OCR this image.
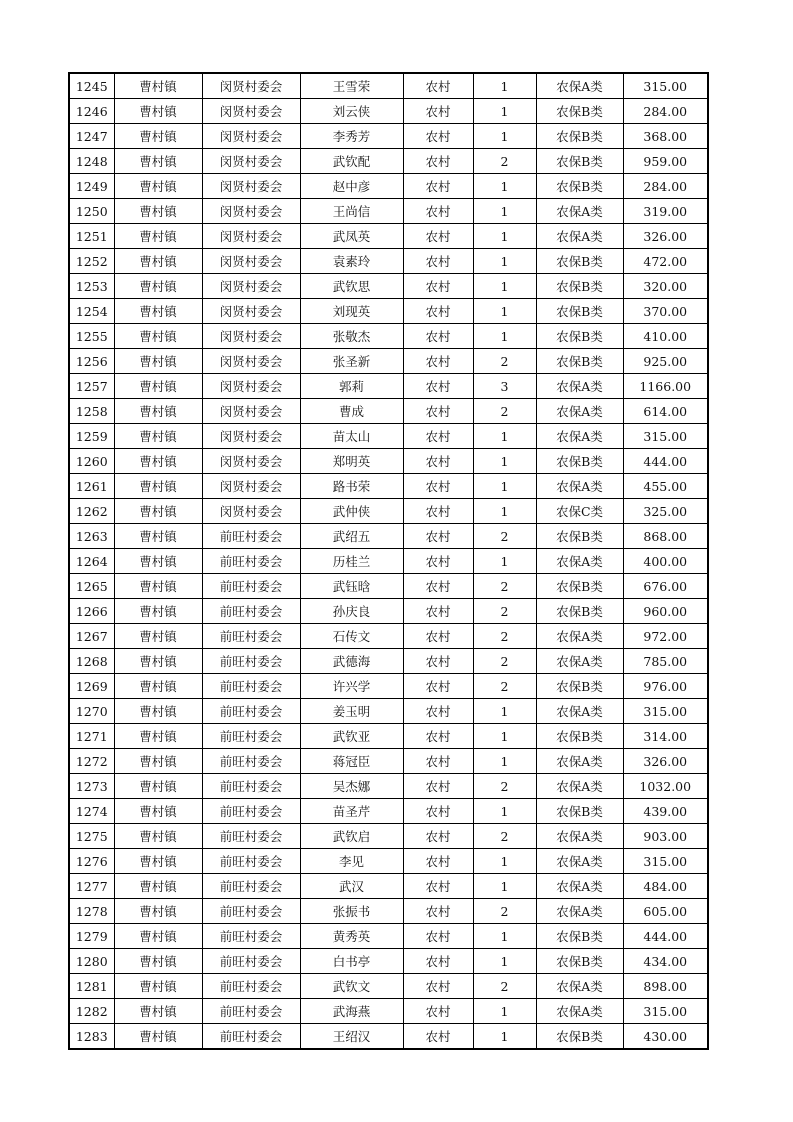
1245	曹村镇	闵贤村委会	王雪荣	农村	1	农保A类	315.00
1246	曹村镇	闵贤村委会	刘云侠	农村	1	农保B类	284.00
1247	曹村镇	闵贤村委会	李秀芳	农村	1	农保B类	368.00
1248	曹村镇	闵贤村委会	武钦配	农村	2	农保B类	959.00
1249	曹村镇	闵贤村委会	赵中彦	农村	1	农保B类	284.00
1250	曹村镇	闵贤村委会	王尚信	农村	1	农保A类	319.00
1251	曹村镇	闵贤村委会	武凤英	农村	1	农保A类	326.00
1252	曹村镇	闵贤村委会	袁素玲	农村	1	农保B类	472.00
1253	曹村镇	闵贤村委会	武钦思	农村	1	农保B类	320.00
1254	曹村镇	闵贤村委会	刘现英	农村	1	农保B类	370.00
1255	曹村镇	闵贤村委会	张敬杰	农村	1	农保B类	410.00
1256	曹村镇	闵贤村委会	张圣新	农村	2	农保B类	925.00
1257	曹村镇	闵贤村委会	郭莉	农村	3	农保A类	1166.00
1258	曹村镇	闵贤村委会	曹成	农村	2	农保A类	614.00
1259	曹村镇	闵贤村委会	苗太山	农村	1	农保A类	315.00
1260	曹村镇	闵贤村委会	郑明英	农村	1	农保B类	444.00
1261	曹村镇	闵贤村委会	路书荣	农村	1	农保A类	455.00
1262	曹村镇	闵贤村委会	武仲侠	农村	1	农保C类	325.00
1263	曹村镇	前旺村委会	武绍五	农村	2	农保B类	868.00
1264	曹村镇	前旺村委会	历桂兰	农村	1	农保A类	400.00
1265	曹村镇	前旺村委会	武钰晗	农村	2	农保B类	676.00
1266	曹村镇	前旺村委会	孙庆良	农村	2	农保B类	960.00
1267	曹村镇	前旺村委会	石传文	农村	2	农保A类	972.00
1268	曹村镇	前旺村委会	武德海	农村	2	农保A类	785.00
1269	曹村镇	前旺村委会	许兴学	农村	2	农保B类	976.00
1270	曹村镇	前旺村委会	姜玉明	农村	1	农保A类	315.00
1271	曹村镇	前旺村委会	武钦亚	农村	1	农保B类	314.00
1272	曹村镇	前旺村委会	蒋冠臣	农村	1	农保A类	326.00
1273	曹村镇	前旺村委会	吴杰娜	农村	2	农保A类	1032.00
1274	曹村镇	前旺村委会	苗圣芹	农村	1	农保B类	439.00
1275	曹村镇	前旺村委会	武钦启	农村	2	农保A类	903.00
1276	曹村镇	前旺村委会	李见	农村	1	农保A类	315.00
1277	曹村镇	前旺村委会	武汉	农村	1	农保A类	484.00
1278	曹村镇	前旺村委会	张振书	农村	2	农保A类	605.00
1279	曹村镇	前旺村委会	黄秀英	农村	1	农保B类	444.00
1280	曹村镇	前旺村委会	白书亭	农村	1	农保B类	434.00
1281	曹村镇	前旺村委会	武钦文	农村	2	农保A类	898.00
1282	曹村镇	前旺村委会	武海燕	农村	1	农保A类	315.00
1283	曹村镇	前旺村委会	王绍汉	农村	1	农保B类	430.00
